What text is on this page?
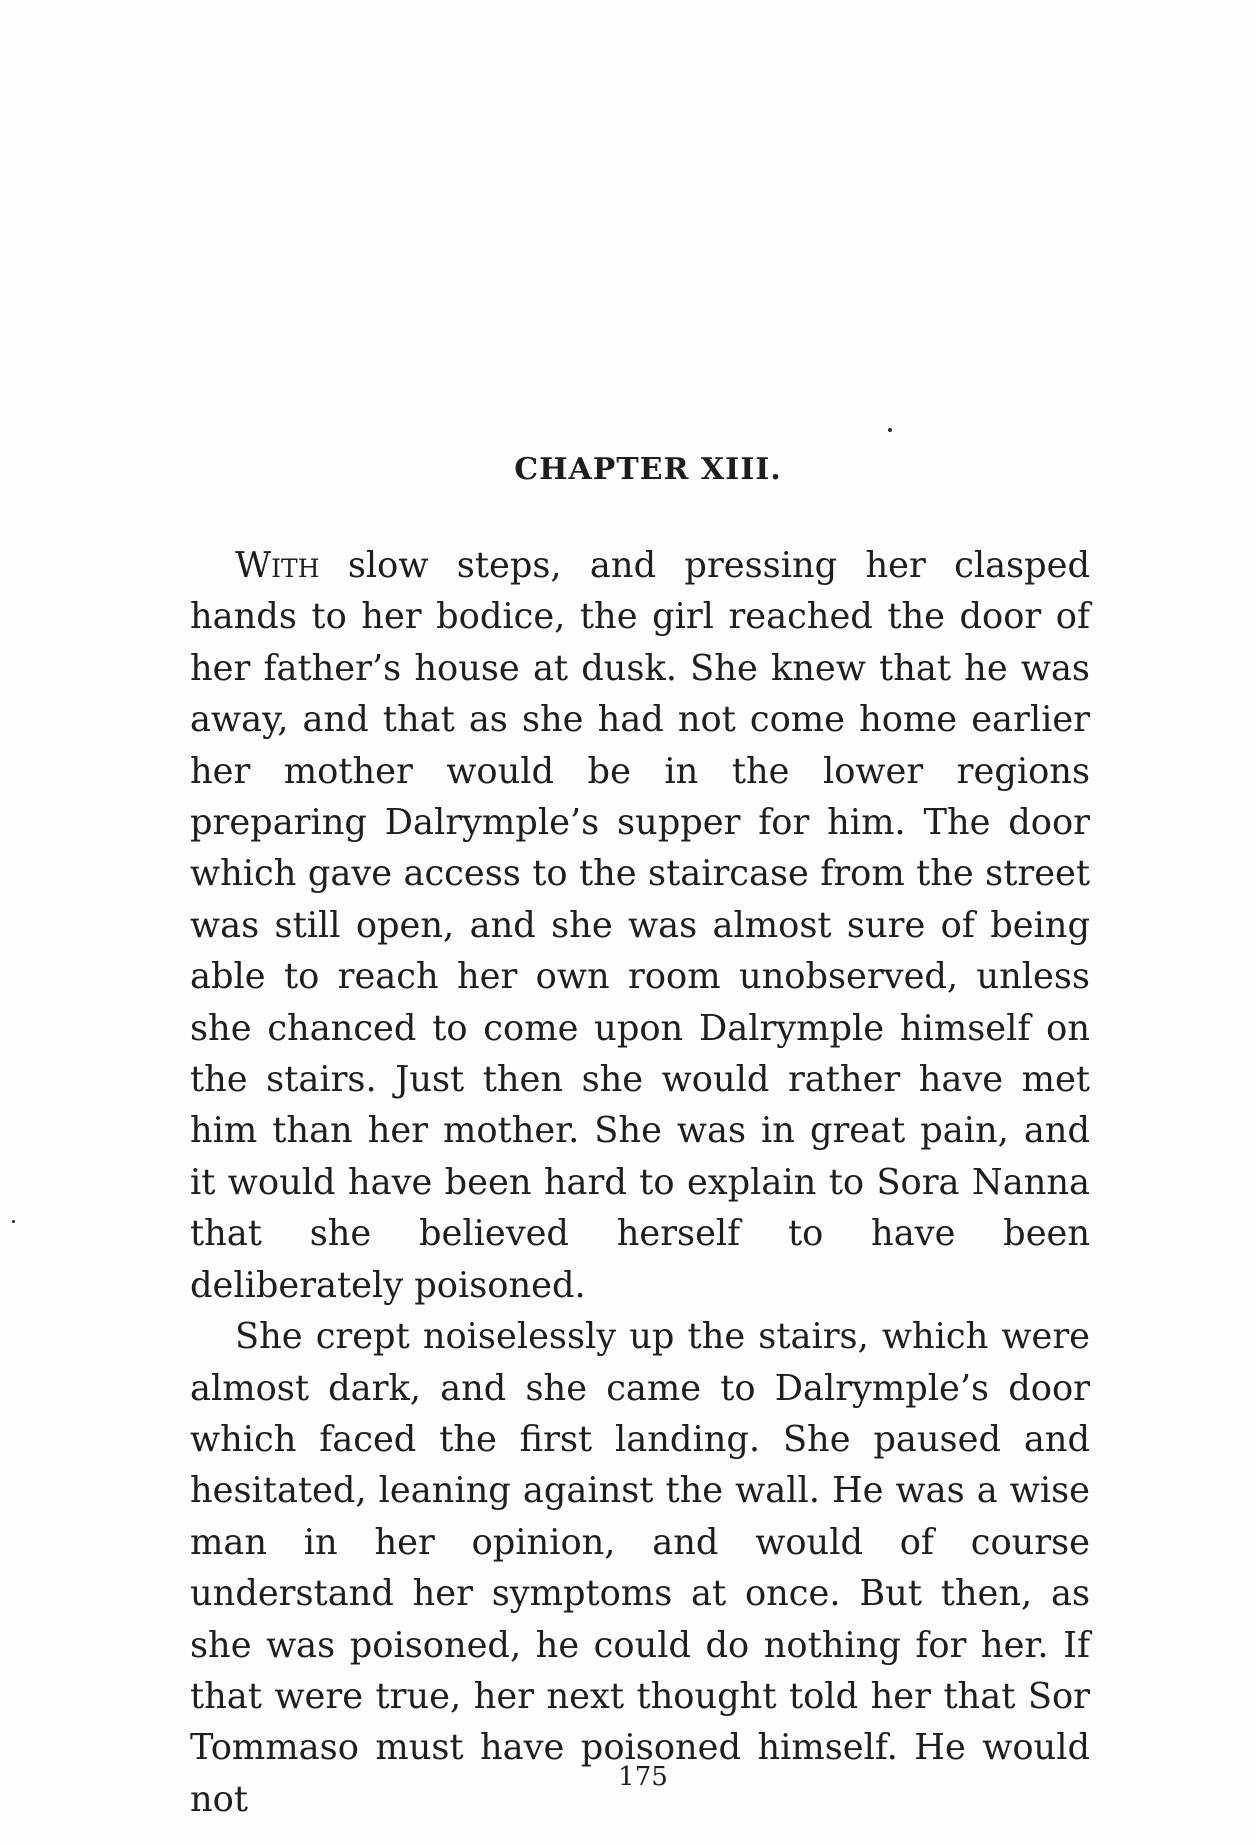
CHAPTER XIII.

With slow steps, and pressing her clasped hands to her bodice, the girl reached the door of her father’s house at dusk. She knew that he was away, and that as she had not come home earlier her mother would be in the lower regions preparing Dalrymple’s supper for him. The door which gave access to the staircase from the street was still open, and she was almost sure of being able to reach her own room unobserved, unless she chanced to come upon Dalrymple himself on the stairs. Just then she would rather have met him than her mother. She was in great pain, and it would have been hard to explain to Sora Nanna that she believed herself to have been deliberately poisoned.

She crept noiselessly up the stairs, which were almost dark, and she came to Dalrymple’s door which faced the first landing. She paused and hesitated, leaning against the wall. He was a wise man in her opinion, and would of course understand her symptoms at once. But then, as she was poisoned, he could do nothing for her. If that were true, her next thought told her that Sor Tommaso must have poisoned himself. He would not

175
